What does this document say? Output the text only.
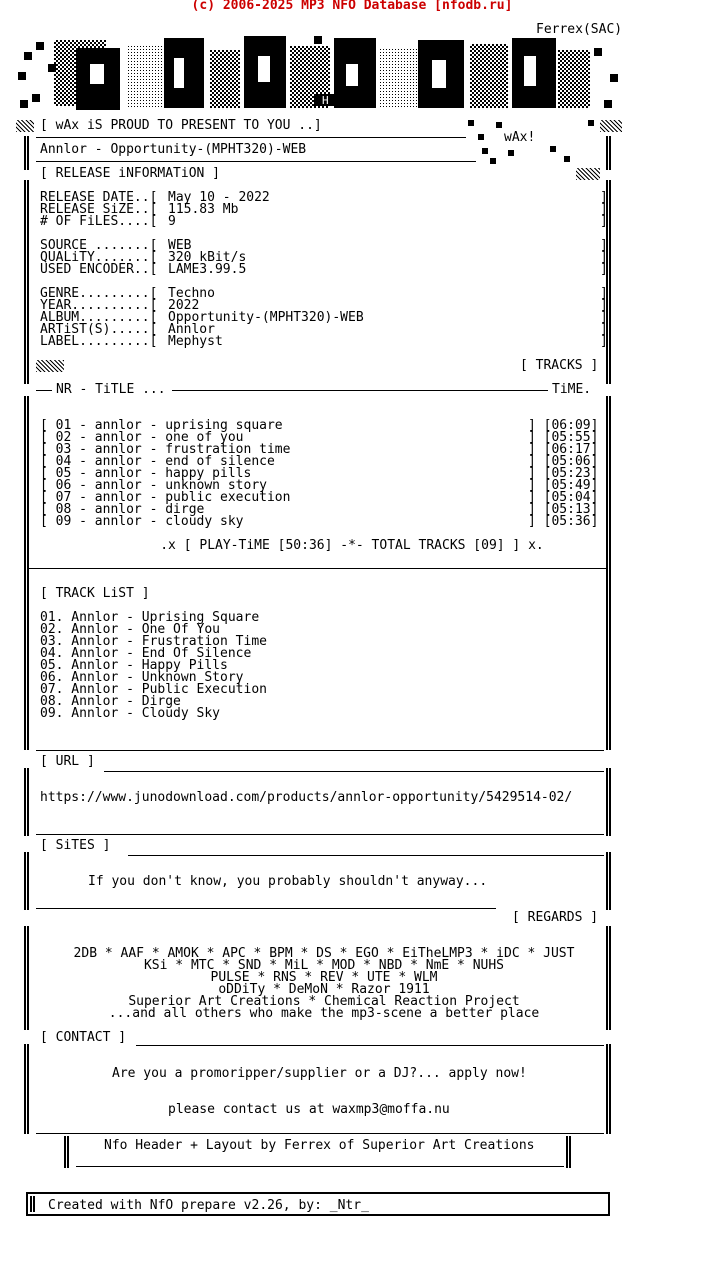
(c) 2006-2025 MP3 NFO Database [nfodb.ru]
Ferrex(SAC)
H
[ wAx iS PROUD TO PRESENT TO YOU ..]
wAx!
Annlor - Opportunity-(MPHT320)-WEB
[ RELEASE iNFORMATiON ]
RELEASE DATE..[ May 10 - 2022	]
RELEASE SiZE..[ 115.83 Mb	]
# OF FiLES....[ 9	]
SOURCE .......[ WEB	]
QUALiTY.......[ 320 kBit/s	]
USED ENCODER..[ LAME3.99.5	]
GENRE.........[ Techno	]
YEAR..........[ 2022	]
ALBUM.........[ Opportunity-(MPHT320)-WEB	]
ARTiST(S).....[ Annlor	]
LABEL.........[ Mephyst	]
[ TRACKS ]
NR - TiTLE ...	TiME.
[ 01 - annlor - uprising square	] [06:09]
[ 02 - annlor - one of you	] [05:55]
[ 03 - annlor - frustration time	] [06:17]
[ 04 - annlor - end of silence	] [05:06]
[ 05 - annlor - happy pills	] [05:23]
[ 06 - annlor - unknown story	] [05:49]
[ 07 - annlor - public execution	] [05:04]
[ 08 - annlor - dirge	] [05:13]
[ 09 - annlor - cloudy sky	] [05:36]
.x [ PLAY-TiME [50:36] -*- TOTAL TRACKS [09] ] x.
[ TRACK LiST ]
01. Annlor - Uprising Square
02. Annlor - One Of You
03. Annlor - Frustration Time
04. Annlor - End Of Silence
05. Annlor - Happy Pills
06. Annlor - Unknown Story
07. Annlor - Public Execution
08. Annlor - Dirge
09. Annlor - Cloudy Sky
[ URL ]
https://www.junodownload.com/products/annlor-opportunity/5429514-02/
[ SiTES ]
If you don't know, you probably shouldn't anyway...
[ REGARDS ]
2DB * AAF * AMOK * APC * BPM * DS * EGO * EiTheLMP3 * iDC * JUST
KSi * MTC * SND * MiL * MOD * NBD * NmE * NUHS
PULSE * RNS * REV * UTE * WLM
oDDiTy * DeMoN * Razor 1911
Superior Art Creations * Chemical Reaction Project
...and all others who make the mp3-scene a better place
[ CONTACT ]
Are you a promoripper/supplier or a DJ?... apply now!
please contact us at waxmp3@moffa.nu
Nfo Header + Layout by Ferrex of Superior Art Creations
Created with NfO prepare v2.26, by: _Ntr_
